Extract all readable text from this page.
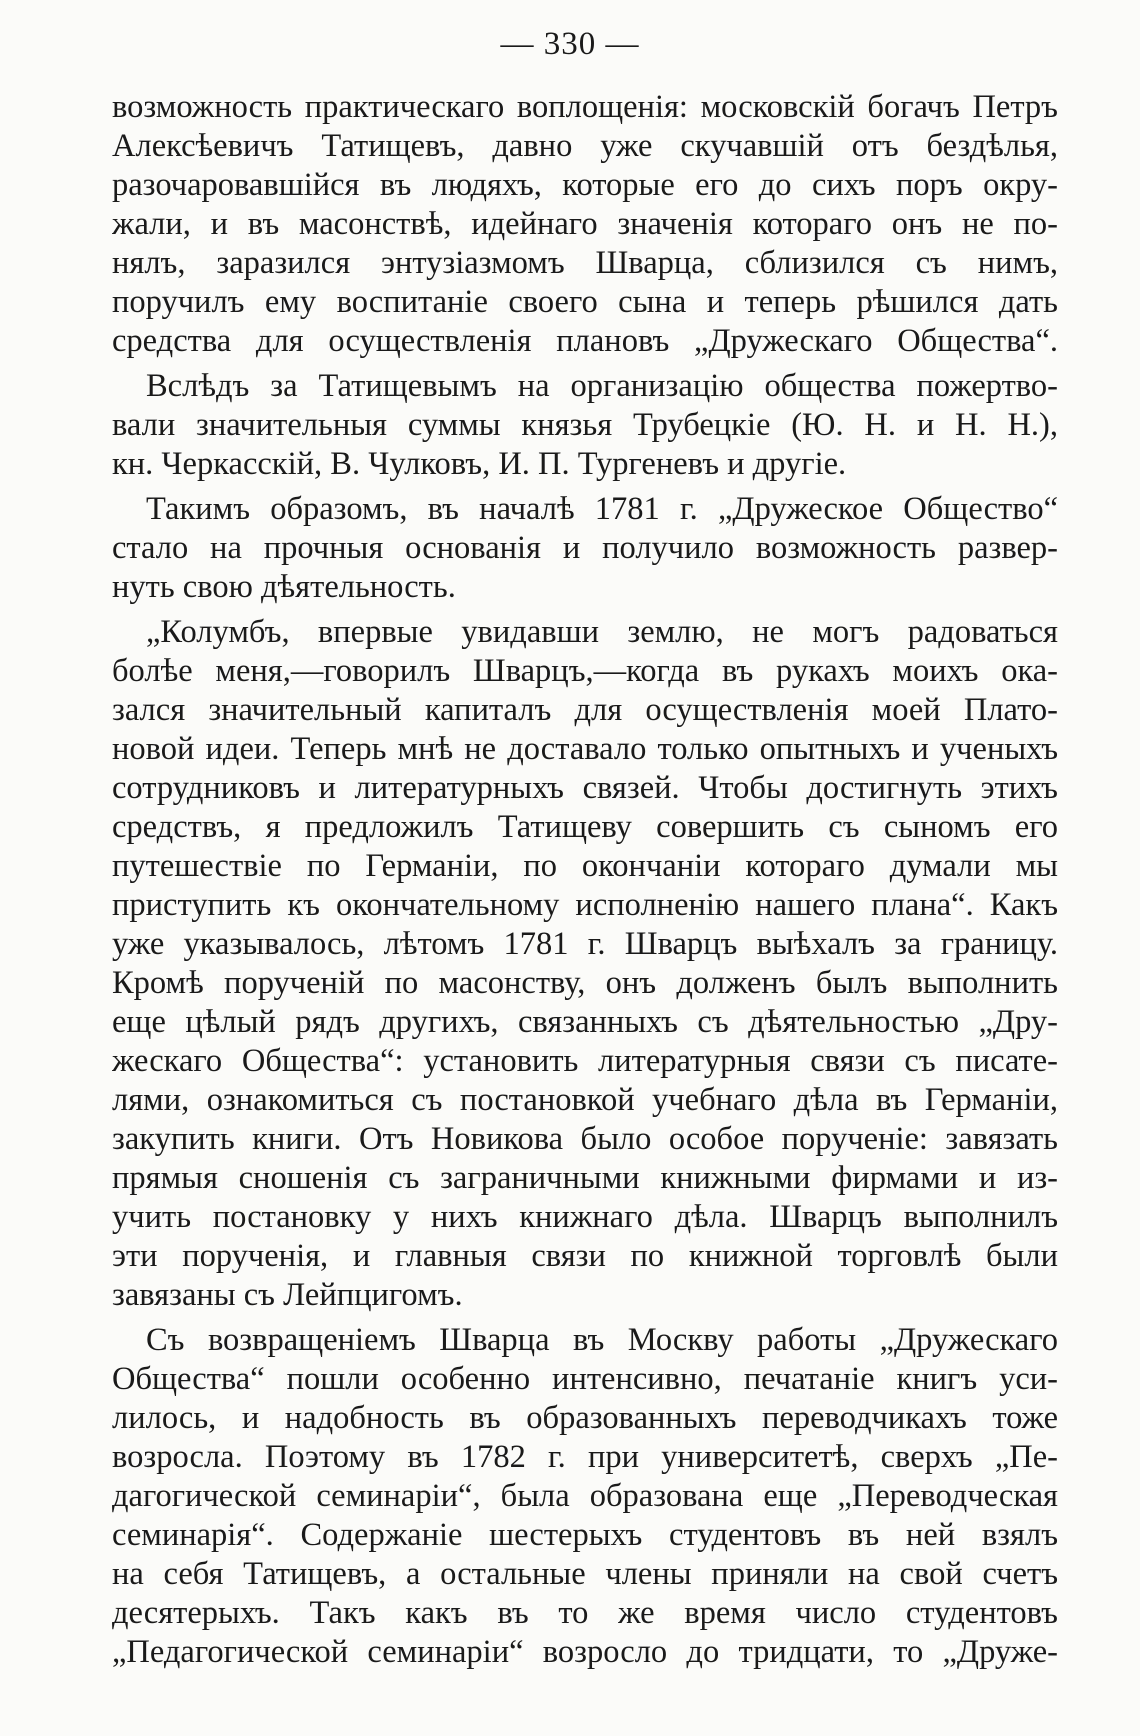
— 330 —
возможность практическаго воплощенія: московскій богачъ Петръ
Алексѣевичъ Татищевъ, давно уже скучавшій отъ бездѣлья,
разочаровавшійся въ людяхъ, которые его до сихъ поръ окру-
жали, и въ масонствѣ, идейнаго значенія котораго онъ не по-
нялъ, заразился энтузіазмомъ Шварца, сблизился съ нимъ,
поручилъ ему воспитаніе своего сына и теперь рѣшился дать
средства для осуществленія плановъ „Дружескаго Общества“.
Вслѣдъ за Татищевымъ на организацію общества пожертво-
вали значительныя суммы князья Трубецкіе (Ю. Н. и Н. Н.),
кн. Черкасскій, В. Чулковъ, И. П. Тургеневъ и другіе.
Такимъ образомъ, въ началѣ 1781 г. „Дружеское Общество“
стало на прочныя основанія и получило возможность развер-
нуть свою дѣятельность.
„Колумбъ, впервые увидавши землю, не могъ радоваться
болѣе меня,—говорилъ Шварцъ,—когда въ рукахъ моихъ ока-
зался значительный капиталъ для осуществленія моей Плато-
новой идеи. Теперь мнѣ не доставало только опытныхъ и ученыхъ
сотрудниковъ и литературныхъ связей. Чтобы достигнуть этихъ
средствъ, я предложилъ Татищеву совершить съ сыномъ его
путешествіе по Германіи, по окончаніи котораго думали мы
приступить къ окончательному исполненію нашего плана“. Какъ
уже указывалось, лѣтомъ 1781 г. Шварцъ выѣхалъ за границу.
Кромѣ порученій по масонству, онъ долженъ былъ выполнить
еще цѣлый рядъ другихъ, связанныхъ съ дѣятельностью „Дру-
жескаго Общества“: установить литературныя связи съ писате-
лями, ознакомиться съ постановкой учебнаго дѣла въ Германіи,
закупить книги. Отъ Новикова было особое порученіе: завязать
прямыя сношенія съ заграничными книжными фирмами и из-
учить постановку у нихъ книжнаго дѣла. Шварцъ выполнилъ
эти порученія, и главныя связи по книжной торговлѣ были
завязаны съ Лейпцигомъ.
Съ возвращеніемъ Шварца въ Москву работы „Дружескаго
Общества“ пошли особенно интенсивно, печатаніе книгъ уси-
лилось, и надобность въ образованныхъ переводчикахъ тоже
возросла. Поэтому въ 1782 г. при университетѣ, сверхъ „Пе-
дагогической семинаріи“, была образована еще „Переводческая
семинарія“. Содержаніе шестерыхъ студентовъ въ ней взялъ
на себя Татищевъ, а остальные члены приняли на свой счетъ
десятерыхъ. Такъ какъ въ то же время число студентовъ
„Педагогической семинаріи“ возросло до тридцати, то „Друже-
